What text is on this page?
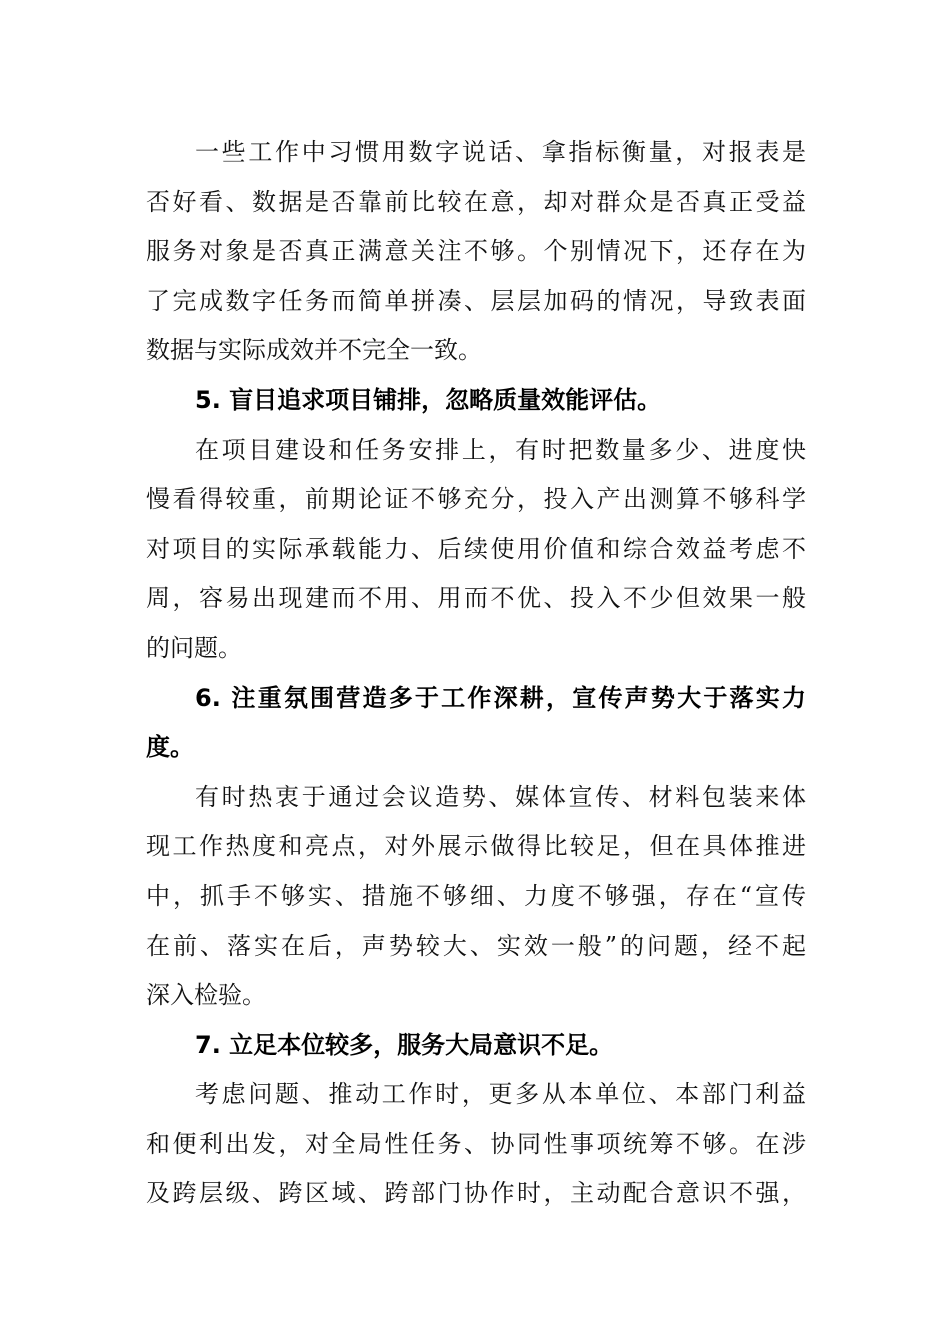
一些工作中习惯用数字说话、拿指标衡量，对报表是
否好看、数据是否靠前比较在意，却对群众是否真正受益
服务对象是否真正满意关注不够。个别情况下，还存在为
了完成数字任务而简单拼凑、层层加码的情况，导致表面
数据与实际成效并不完全一致。
5. 盲目追求项目铺排，忽略质量效能评估。
在项目建设和任务安排上，有时把数量多少、进度快
慢看得较重，前期论证不够充分，投入产出测算不够科学
对项目的实际承载能力、后续使用价值和综合效益考虑不
周，容易出现建而不用、用而不优、投入不少但效果一般
的问题。
6. 注重氛围营造多于工作深耕，宣传声势大于落实力
度。
有时热衷于通过会议造势、媒体宣传、材料包装来体
现工作热度和亮点，对外展示做得比较足，但在具体推进
中，抓手不够实、措施不够细、力度不够强，存在“宣传
在前、落实在后，声势较大、实效一般”的问题，经不起
深入检验。
7. 立足本位较多，服务大局意识不足。
考虑问题、推动工作时，更多从本单位、本部门利益
和便利出发，对全局性任务、协同性事项统筹不够。在涉
及跨层级、跨区域、跨部门协作时，主动配合意识不强，
